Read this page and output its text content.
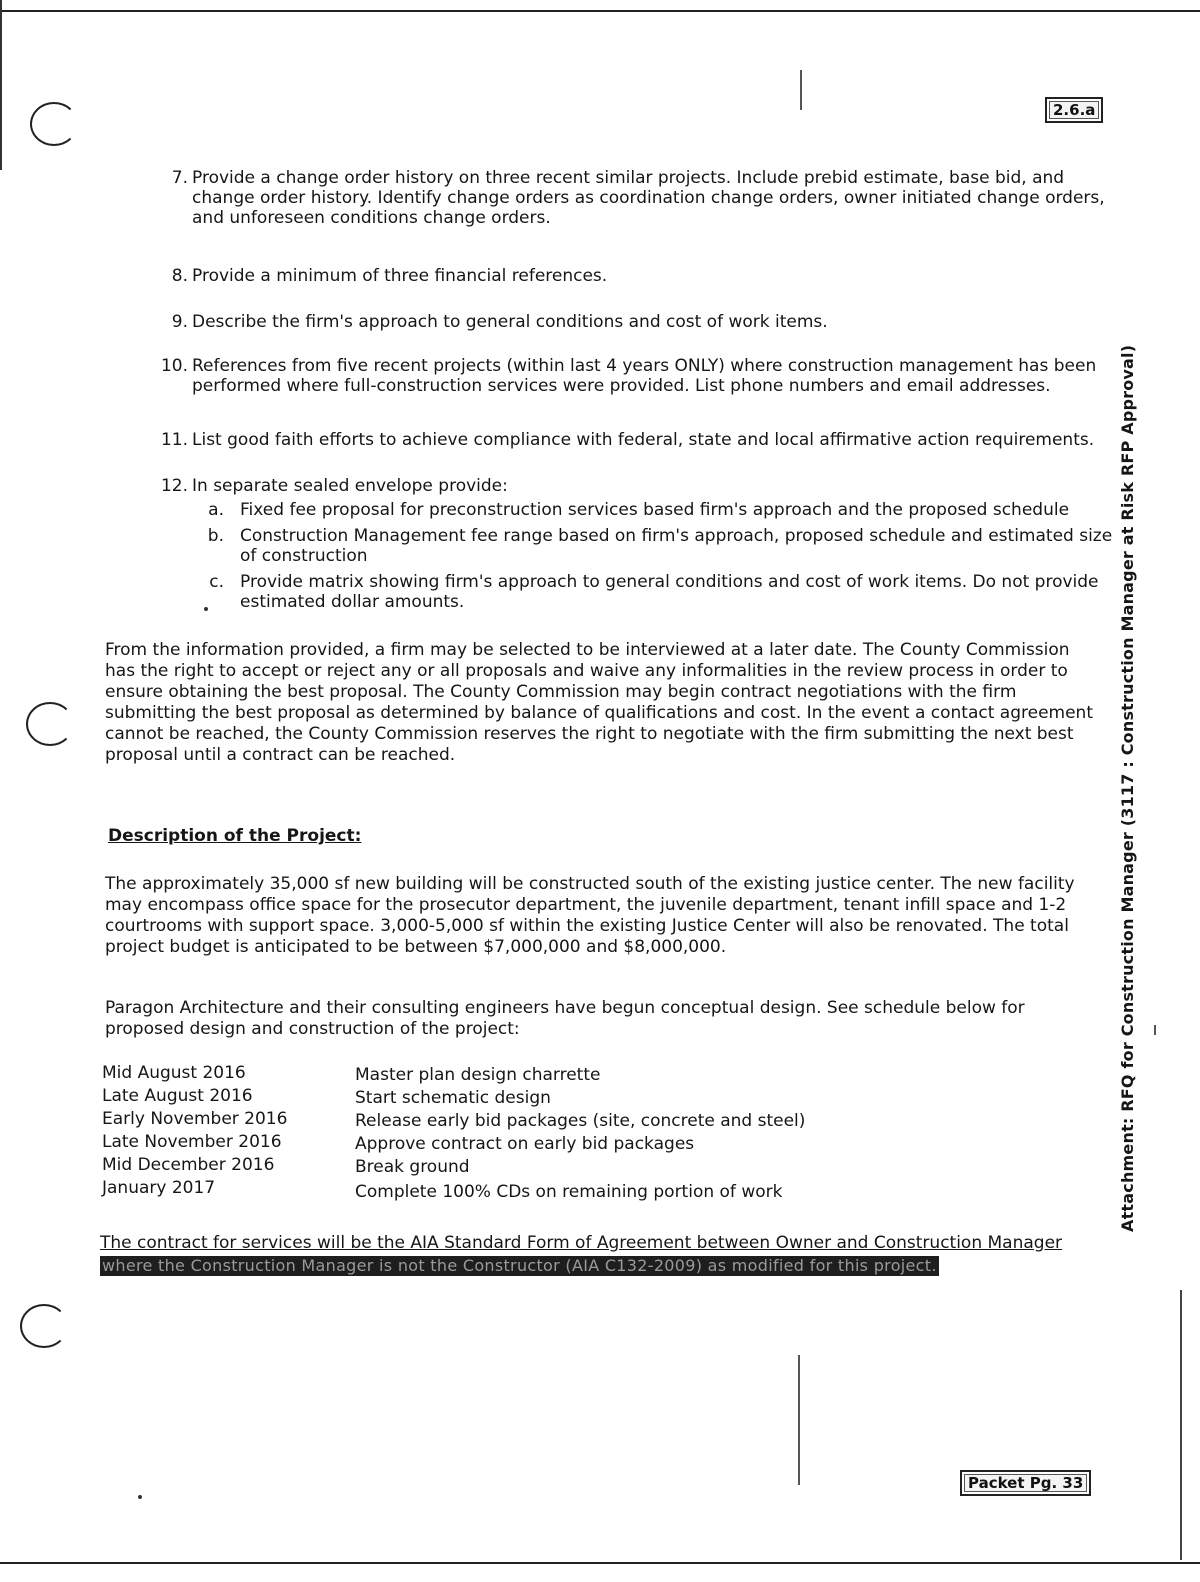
2.6.a
Packet Pg. 33
Attachment: RFQ for Construction Manager (3117 : Construction Manager at Risk RFP Approval)
7. Provide a change order history on three recent similar projects. Include prebid estimate, base bid, and change order history. Identify change orders as coordination change orders, owner initiated change orders, and unforeseen conditions change orders.
8. Provide a minimum of three financial references.
9. Describe the firm's approach to general conditions and cost of work items.
10. References from five recent projects (within last 4 years ONLY) where construction management has been performed where full-construction services were provided. List phone numbers and email addresses.
11. List good faith efforts to achieve compliance with federal, state and local affirmative action requirements.
12. In separate sealed envelope provide:
a. Fixed fee proposal for preconstruction services based firm's approach and the proposed schedule
b. Construction Management fee range based on firm's approach, proposed schedule and estimated size of construction
c. Provide matrix showing firm's approach to general conditions and cost of work items. Do not provide estimated dollar amounts.
From the information provided, a firm may be selected to be interviewed at a later date. The County Commission has the right to accept or reject any or all proposals and waive any informalities in the review process in order to ensure obtaining the best proposal. The County Commission may begin contract negotiations with the firm submitting the best proposal as determined by balance of qualifications and cost. In the event a contact agreement cannot be reached, the County Commission reserves the right to negotiate with the firm submitting the next best proposal until a contract can be reached.
Description of the Project:
The approximately 35,000 sf new building will be constructed south of the existing justice center. The new facility may encompass office space for the prosecutor department, the juvenile department, tenant infill space and 1-2 courtrooms with support space. 3,000-5,000 sf within the existing Justice Center will also be renovated. The total project budget is anticipated to be between $7,000,000 and $8,000,000.
Paragon Architecture and their consulting engineers have begun conceptual design. See schedule below for proposed design and construction of the project:
Mid August 2016	Master plan design charrette
Late August 2016	Start schematic design
Early November 2016	Release early bid packages (site, concrete and steel)
Late November 2016	Approve contract on early bid packages
Mid December 2016	Break ground
January 2017	Complete 100% CDs on remaining portion of work
The contract for services will be the AIA Standard Form of Agreement between Owner and Construction Manager
where the Construction Manager is not the Constructor (AIA C132-2009) as modified for this project.
